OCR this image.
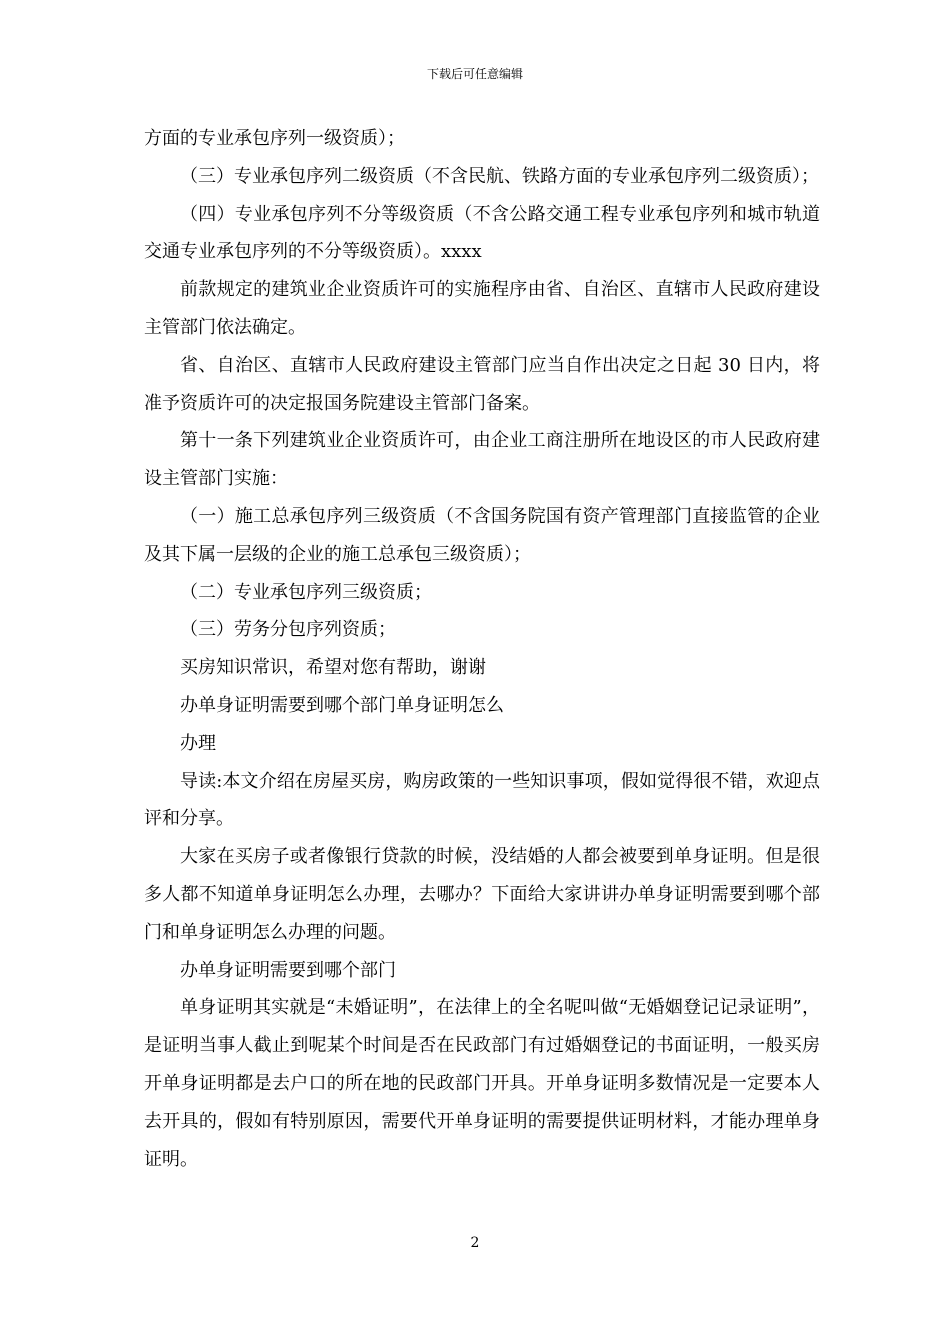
下载后可任意编辑

方面的专业承包序列一级资质）；

（三）专业承包序列二级资质（不含民航、铁路方面的专业承包序列二级资质）；

（四）专业承包序列不分等级资质（不含公路交通工程专业承包序列和城市轨道交通专业承包序列的不分等级资质）。xxxx

前款规定的建筑业企业资质许可的实施程序由省、自治区、直辖市人民政府建设主管部门依法确定。

省、自治区、直辖市人民政府建设主管部门应当自作出决定之日起 30 日内，将准予资质许可的决定报国务院建设主管部门备案。

第十一条下列建筑业企业资质许可，由企业工商注册所在地设区的市人民政府建设主管部门实施：

（一）施工总承包序列三级资质（不含国务院国有资产管理部门直接监管的企业及其下属一层级的企业的施工总承包三级资质）；

（二）专业承包序列三级资质；

（三）劳务分包序列资质；

买房知识常识，希望对您有帮助，谢谢

办单身证明需要到哪个部门单身证明怎么

办理

导读:本文介绍在房屋买房，购房政策的一些知识事项，假如觉得很不错，欢迎点评和分享。

大家在买房子或者像银行贷款的时候，没结婚的人都会被要到单身证明。但是很多人都不知道单身证明怎么办理，去哪办？下面给大家讲讲办单身证明需要到哪个部门和单身证明怎么办理的问题。

办单身证明需要到哪个部门

单身证明其实就是“未婚证明”，在法律上的全名呢叫做“无婚姻登记记录证明”，是证明当事人截止到呢某个时间是否在民政部门有过婚姻登记的书面证明，一般买房开单身证明都是去户口的所在地的民政部门开具。开单身证明多数情况是一定要本人去开具的，假如有特别原因，需要代开单身证明的需要提供证明材料，才能办理单身证明。

2
